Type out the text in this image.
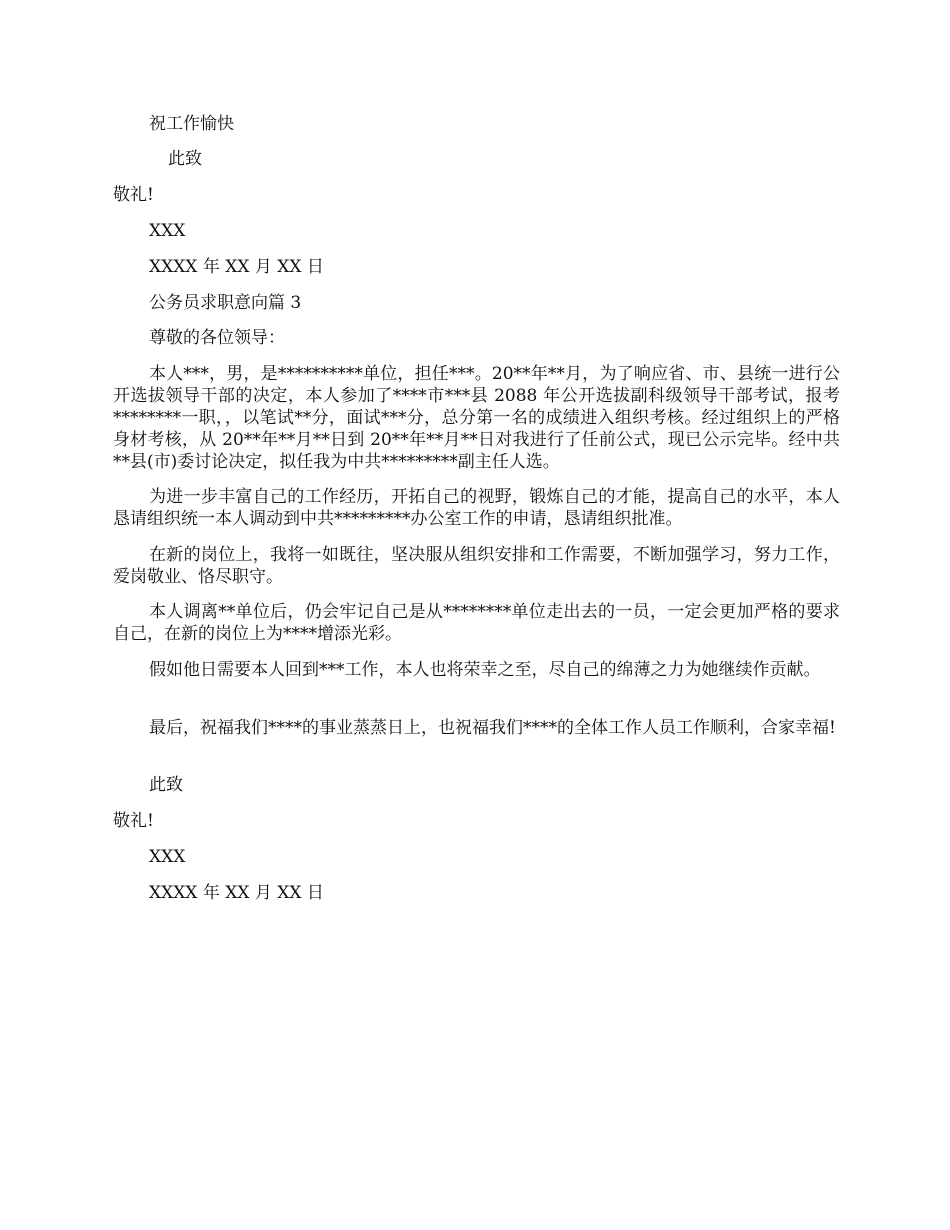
祝工作愉快
此致
敬礼!
XXX
XXXX 年 XX 月 XX 日
公务员求职意向篇 3
尊敬的各位领导：
本人***，男，是**********单位，担任***。20**年**月，为了响应省、市、县统一进行公开选拔领导干部的决定，本人参加了****市***县 2088 年公开选拔副科级领导干部考试，报考********一职，，以笔试**分，面试***分，总分第一名的成绩进入组织考核。经过组织上的严格身材考核，从 20**年**月**日到 20**年**月**日对我进行了任前公式，现已公示完毕。经中共**县(市)委讨论决定，拟任我为中共*********副主任人选。
为进一步丰富自己的工作经历，开拓自己的视野，锻炼自己的才能，提高自己的水平，本人恳请组织统一本人调动到中共*********办公室工作的申请，恳请组织批准。
在新的岗位上，我将一如既往，坚决服从组织安排和工作需要，不断加强学习，努力工作，爱岗敬业、恪尽职守。
本人调离**单位后，仍会牢记自己是从********单位走出去的一员，一定会更加严格的要求自己，在新的岗位上为****增添光彩。
假如他日需要本人回到***工作，本人也将荣幸之至，尽自己的绵薄之力为她继续作贡献。
最后，祝福我们****的事业蒸蒸日上，也祝福我们****的全体工作人员工作顺利，合家幸福!
此致
敬礼!
XXX
XXXX 年 XX 月 XX 日
